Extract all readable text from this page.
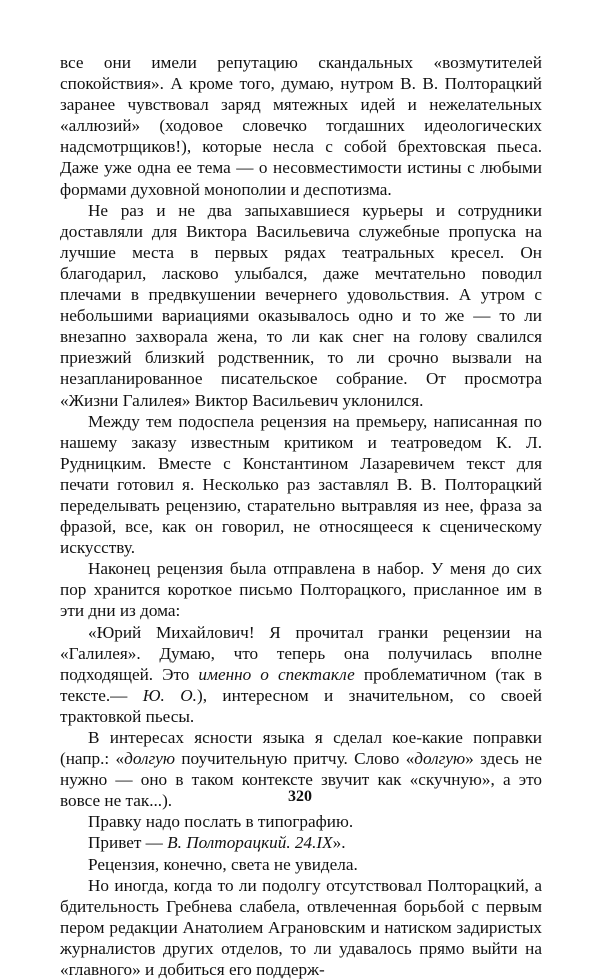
все они имели репутацию скандальных «возмутителей спокойствия». А кроме того, думаю, нутром В. В. Полторацкий заранее чувствовал заряд мятежных идей и нежелательных «аллюзий» (ходовое словечко тогдашних идеологических надсмотрщиков!), которые несла с собой брехтовская пьеса. Даже уже одна ее тема — о несовместимости истины с любыми формами духовной монополии и деспотизма.

Не раз и не два запыхавшиеся курьеры и сотрудники доставляли для Виктора Васильевича служебные пропуска на лучшие места в первых рядах театральных кресел. Он благодарил, ласково улыбался, даже мечтательно поводил плечами в предвкушении вечернего удовольствия. А утром с небольшими вариациями оказывалось одно и то же — то ли внезапно захворала жена, то ли как снег на голову свалился приезжий близкий родственник, то ли срочно вызвали на незапланированное писательское собрание. От просмотра «Жизни Галилея» Виктор Васильевич уклонился.

Между тем подоспела рецензия на премьеру, написанная по нашему заказу известным критиком и театроведом К. Л. Рудницким. Вместе с Константином Лазаревичем текст для печати готовил я. Несколько раз заставлял В. В. Полторацкий переделывать рецензию, старательно вытравляя из нее, фраза за фразой, все, как он говорил, не относящееся к сценическому искусству.

Наконец рецензия была отправлена в набор. У меня до сих пор хранится короткое письмо Полторацкого, присланное им в эти дни из дома:

«Юрий Михайлович! Я прочитал гранки рецензии на «Галилея». Думаю, что теперь она получилась вполне подходящей. Это именно о спектакле проблематичном (так в тексте.— Ю. О.), интересном и значительном, со своей трактовкой пьесы.

В интересах ясности языка я сделал кое-какие поправки (напр.: «долгую поучительную притчу. Слово «долгую» здесь не нужно — оно в таком контексте звучит как «скучную», а это вовсе не так...).

Правку надо послать в типографию.

Привет — В. Полторацкий. 24.IX».

Рецензия, конечно, света не увидела.

Но иногда, когда то ли подолгу отсутствовал Полторацкий, а бдительность Гребнева слабела, отвлеченная борьбой с первым пером редакции Анатолием Аграновским и натиском задиристых журналистов других отделов, то ли удавалось прямо выйти на «главного» и добиться его поддерж-

320
